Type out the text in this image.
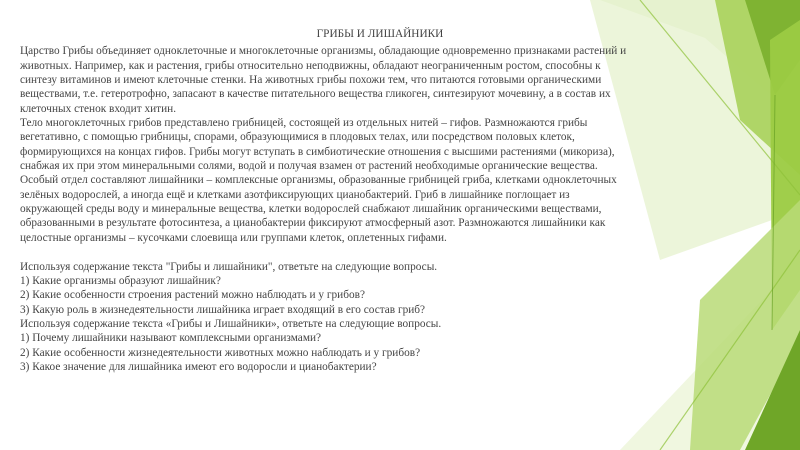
ГРИБЫ И ЛИШАЙНИКИ
Царство Грибы объединяет одноклеточные и многоклеточные организмы, обладающие одновременно признаками растений и
животных. Например, как и растения, грибы относительно неподвижны, обладают неограниченным ростом, способны к
синтезу витаминов и имеют клеточные стенки. На животных грибы похожи тем, что питаются готовыми органическими
веществами, т.е. гетеротрофно, запасают в качестве питательного вещества гликоген, синтезируют мочевину, а в состав их
клеточных стенок входит хитин.
Тело многоклеточных грибов представлено грибницей, состоящей из отдельных нитей – гифов. Размножаются грибы
вегетативно, с помощью грибницы, спорами, образующимися в плодовых телах, или посредством половых клеток,
формирующихся на концах гифов. Грибы могут вступать в симбиотические отношения с высшими растениями (микориза),
снабжая их при этом минеральными солями, водой и получая взамен от растений необходимые органические вещества.
Особый отдел составляют лишайники – комплексные организмы, образованные грибницей гриба, клетками одноклеточных
зелёных водорослей, а иногда ещё и клетками азотфиксирующих цианобактерий. Гриб в лишайнике поглощает из
окружающей среды воду и минеральные вещества, клетки водорослей снабжают лишайник органическими веществами,
образованными в результате фотосинтеза, а цианобактерии фиксируют атмосферный азот. Размножаются лишайники как
целостные организмы – кусочками слоевища или группами клеток, оплетенных гифами.
Используя содержание текста "Грибы и лишайники", ответьте на следующие вопросы.
1) Какие организмы образуют лишайник?
2) Какие особенности строения растений можно наблюдать и у грибов?
3) Какую роль в жизнедеятельности лишайника играет входящий в его состав гриб?
Используя содержание текста «Грибы и Лишайники», ответьте на следующие вопросы.
1) Почему лишайники называют комплексными организмами?
2) Какие особенности жизнедеятельности животных можно наблюдать и у грибов?
3) Какое значение для лишайника имеют его водоросли и цианобактерии?
